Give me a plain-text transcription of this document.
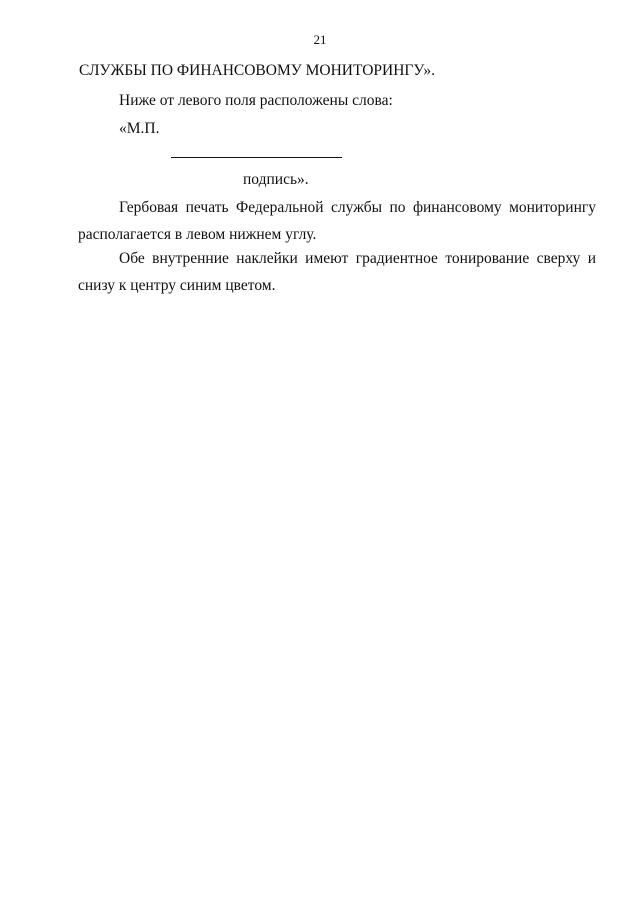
21
СЛУЖБЫ ПО ФИНАНСОВОМУ МОНИТОРИНГУ».
Ниже от левого поля расположены слова:
«М.П.
подпись».
Гербовая печать Федеральной службы по финансовому мониторингу
располагается в левом нижнем углу.
Обе внутренние наклейки имеют градиентное тонирование сверху и
снизу к центру синим цветом.
